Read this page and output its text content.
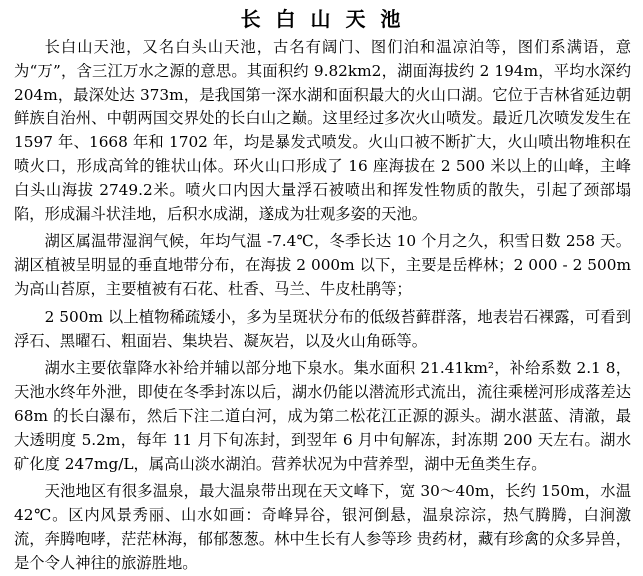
长 白 山 天 池

长白山天池，又名白头山天池，古名有阔门、图们泊和温凉泊等，图们系满语，意为“万”，含三江万水之源的意思。其面积约 9.82km2，湖面海拔约 2 194m，平均水深约 204m，最深处达 373m，是我国第一深水湖和面积最大的火山口湖。它位于吉林省延边朝鲜族自治州、中朝两国交界处的长白山之巅。这里经过多次火山喷发。最近几次喷发发生在 1597 年、1668 年和 1702 年，均是暴发式喷发。火山口被不断扩大，火山喷出物堆积在喷火口，形成高耸的锥状山体。环火山口形成了 16 座海拔在 2 500 米以上的山峰，主峰白头山海拔 2749.2米。喷火口内因大量浮石被喷出和挥发性物质的散失，引起了颈部塌陷，形成漏斗状洼地，后积水成湖，遂成为壮观多姿的天池。

湖区属温带湿润气候，年均气温 -7.4℃，冬季长达 10 个月之久，积雪日数 258 天。湖区植被呈明显的垂直地带分布，在海拔 2 000m 以下，主要是岳桦林；2 000 - 2 500m 为高山苔原，主要植被有石花、杜香、马兰、牛皮杜鹃等；

2 500m 以上植物稀疏矮小，多为呈斑状分布的低级苔藓群落，地表岩石裸露，可看到浮石、黑曜石、粗面岩、集块岩、凝灰岩，以及火山角砾等。

湖水主要依靠降水补给并辅以部分地下泉水。集水面积 21.41km²，补给系数 2.1 8，天池水终年外泄，即使在冬季封冻以后，湖水仍能以潜流形式流出，流往乘槎河形成落差达 68m 的长白瀑布，然后下注二道白河，成为第二松花江正源的源头。湖水湛蓝、清澈，最大透明度 5.2m，每年 11 月下旬冻封，到翌年 6 月中旬解冻，封冻期 200 天左右。湖水矿化度 247mg/L，属高山淡水湖泊。营养状况为中营养型，湖中无鱼类生存。

天池地区有很多温泉，最大温泉带出现在天文峰下，宽 30～40m，长约 150m，水温 42℃。区内风景秀丽、山水如画：奇峰异谷，银河倒悬，温泉淙淙，热气腾腾，白涧激流，奔腾咆哮，茫茫林海，郁郁葱葱。林中生长有人参等珍 贵药材，藏有珍禽的众多异兽，是个令人神往的旅游胜地。
